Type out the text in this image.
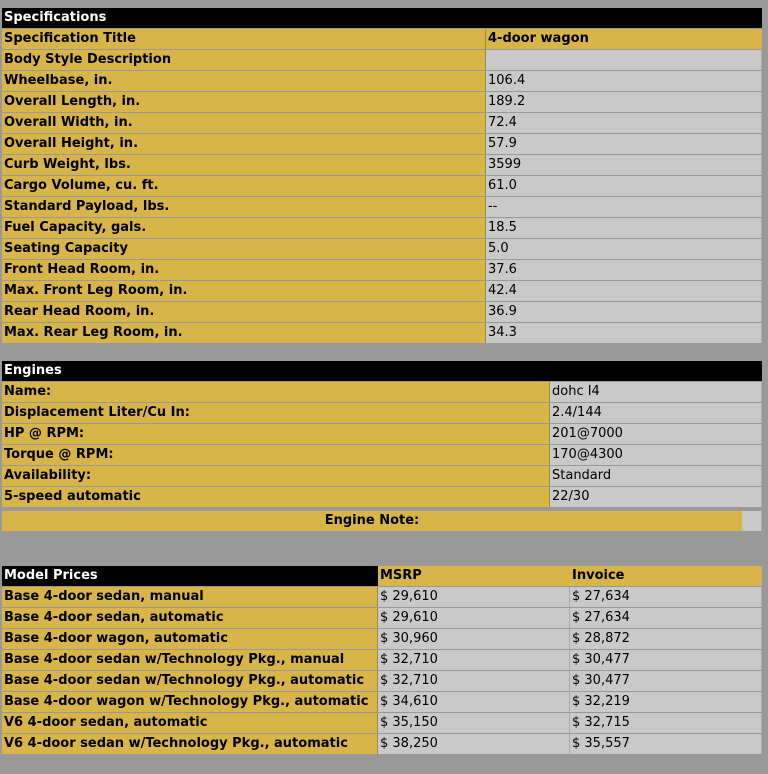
Specifications	
Specification Title	4-door wagon
Body Style Description	
Wheelbase, in.	106.4
Overall Length, in.	189.2
Overall Width, in.	72.4
Overall Height, in.	57.9
Curb Weight, lbs.	3599
Cargo Volume, cu. ft.	61.0
Standard Payload, lbs.	--
Fuel Capacity, gals.	18.5
Seating Capacity	5.0
Front Head Room, in.	37.6
Max. Front Leg Room, in.	42.4
Rear Head Room, in.	36.9
Max. Rear Leg Room, in.	34.3
Engines	
Name:	dohc I4
Displacement Liter/Cu In:	2.4/144
HP @ RPM:	201@7000
Torque @ RPM:	170@4300
Availability:	Standard
5-speed automatic	22/30
Engine Note:	
Model Prices	MSRP	Invoice
Base 4-door sedan, manual	$ 29,610	$ 27,634
Base 4-door sedan, automatic	$ 29,610	$ 27,634
Base 4-door wagon, automatic	$ 30,960	$ 28,872
Base 4-door sedan w/Technology Pkg., manual	$ 32,710	$ 30,477
Base 4-door sedan w/Technology Pkg., automatic	$ 32,710	$ 30,477
Base 4-door wagon w/Technology Pkg., automatic	$ 34,610	$ 32,219
V6 4-door sedan, automatic	$ 35,150	$ 32,715
V6 4-door sedan w/Technology Pkg., automatic	$ 38,250	$ 35,557
